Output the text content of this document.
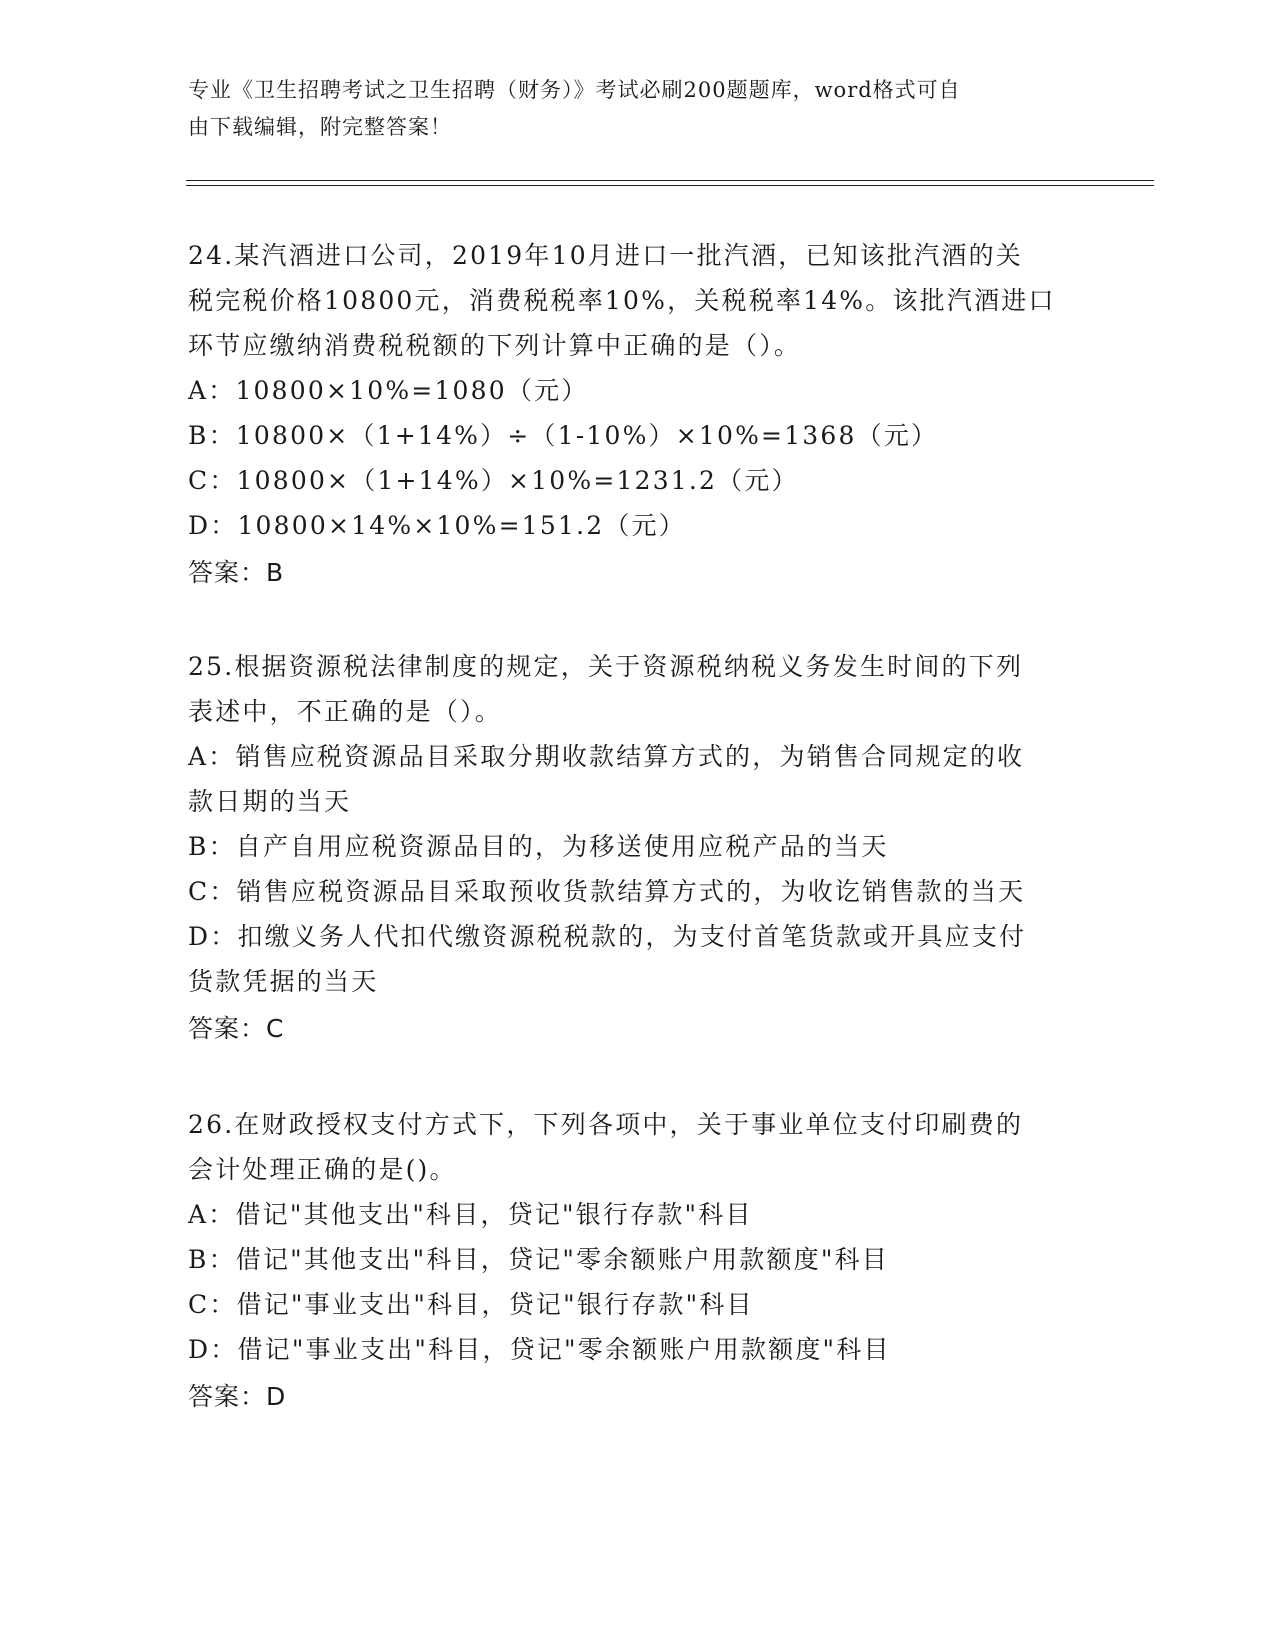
专业《卫生招聘考试之卫生招聘（财务）》考试必刷200题题库，word格式可自
由下载编辑，附完整答案！
24.某汽酒进口公司，2019年10月进口一批汽酒，已知该批汽酒的关
税完税价格10800元，消费税税率10%，关税税率14%。该批汽酒进口
环节应缴纳消费税税额的下列计算中正确的是（）。
A：10800×10%=1080（元）
B：10800×（1+14%）÷（1-10%）×10%=1368（元）
C：10800×（1+14%）×10%=1231.2（元）
D：10800×14%×10%=151.2（元）
答案：B
25.根据资源税法律制度的规定，关于资源税纳税义务发生时间的下列
表述中，不正确的是（）。
A：销售应税资源品目采取分期收款结算方式的，为销售合同规定的收
款日期的当天
B：自产自用应税资源品目的，为移送使用应税产品的当天
C：销售应税资源品目采取预收货款结算方式的，为收讫销售款的当天
D：扣缴义务人代扣代缴资源税税款的，为支付首笔货款或开具应支付
货款凭据的当天
答案：C
26.在财政授权支付方式下，下列各项中，关于事业单位支付印刷费的
会计处理正确的是()。
A：借记"其他支出"科目，贷记"银行存款"科目
B：借记"其他支出"科目，贷记"零余额账户用款额度"科目
C：借记"事业支出"科目，贷记"银行存款"科目
D：借记"事业支出"科目，贷记"零余额账户用款额度"科目
答案：D
